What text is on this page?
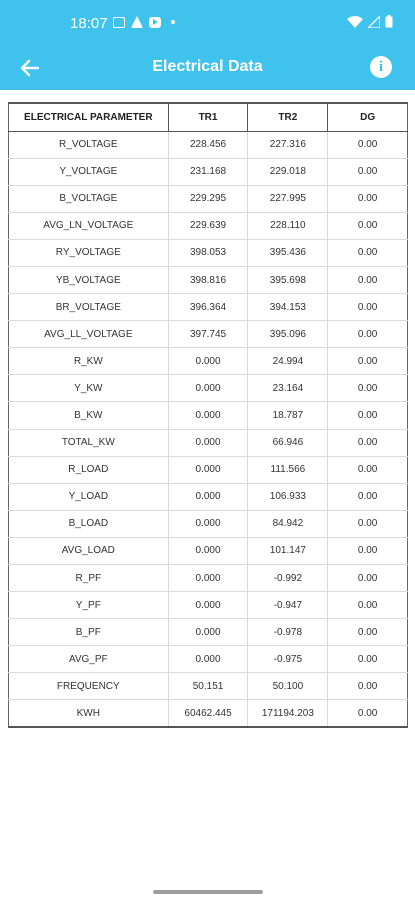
18:07
Electrical Data	i
ELECTRICAL PARAMETER	TR1	TR2	DG
R_VOLTAGE	228.456	227.316	0.00
Y_VOLTAGE	231.168	229.018	0.00
B_VOLTAGE	229.295	227.995	0.00
AVG_LN_VOLTAGE	229.639	228.110	0.00
RY_VOLTAGE	398.053	395.436	0.00
YB_VOLTAGE	398.816	395.698	0.00
BR_VOLTAGE	396.364	394.153	0.00
AVG_LL_VOLTAGE	397.745	395.096	0.00
R_KW	0.000	24.994	0.00
Y_KW	0.000	23.164	0.00
B_KW	0.000	18.787	0.00
TOTAL_KW	0.000	66.946	0.00
R_LOAD	0.000	111.566	0.00
Y_LOAD	0.000	106.933	0.00
B_LOAD	0.000	84.942	0.00
AVG_LOAD	0.000	101.147	0.00
R_PF	0.000	-0.992	0.00
Y_PF	0.000	-0.947	0.00
B_PF	0.000	-0.978	0.00
AVG_PF	0.000	-0.975	0.00
FREQUENCY	50.151	50.100	0.00
KWH	60462.445	171194.203	0.00
